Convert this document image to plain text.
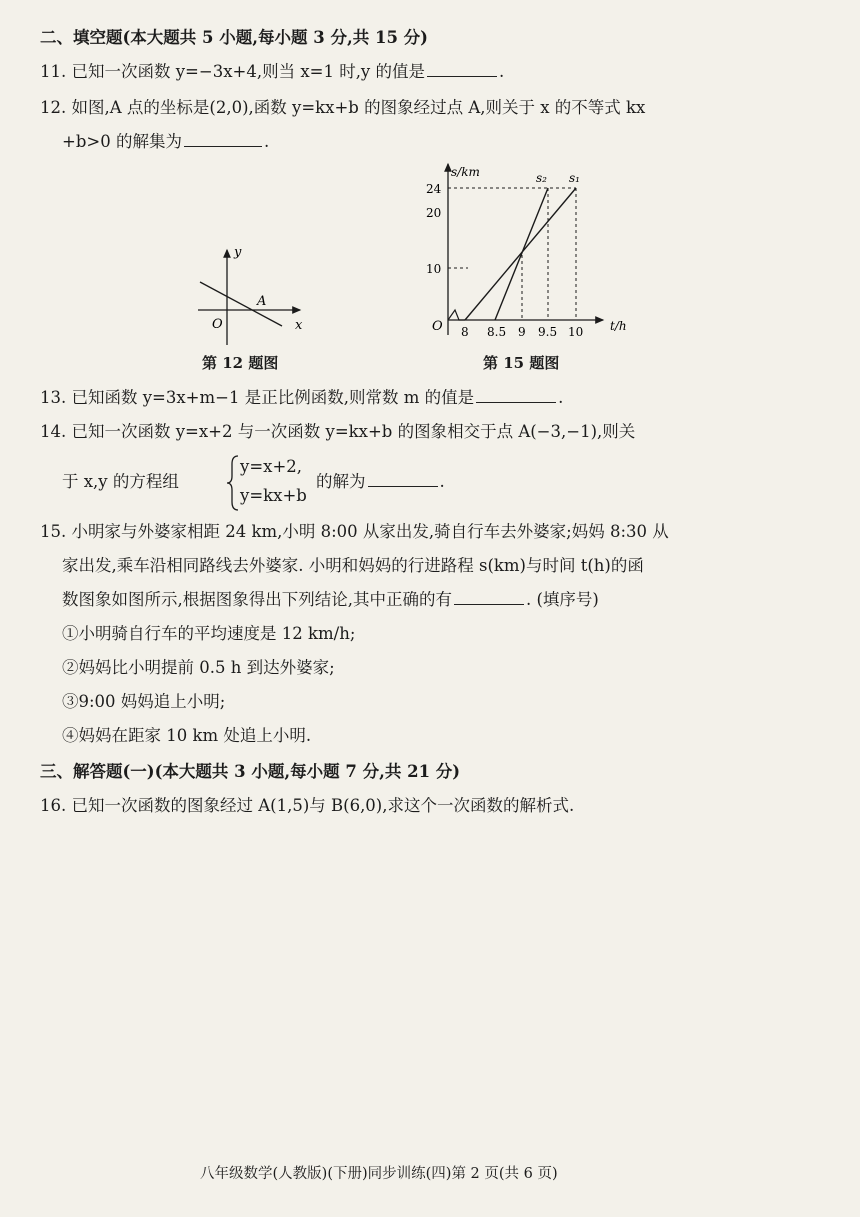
二、填空题(本大题共 5 小题,每小题 3 分,共 15 分)
11. 已知一次函数 y=−3x+4,则当 x=1 时,y 的值是	.
12. 如图,A 点的坐标是(2,0),函数 y=kx+b 的图象经过点 A,则关于 x 的不等式 kx
+b>0 的解集为	.
y
x
O
A
第 12 题图
s/km
t/h
O
s₂ s₁
24
20
10
8 8.5 9 9.5 10
第 15 题图
13. 已知函数 y=3x+m−1 是正比例函数,则常数 m 的值是	.
14. 已知一次函数 y=x+2 与一次函数 y=kx+b 的图象相交于点 A(−3,−1),则关
于 x,y 的方程组
y=x+2,
y=kx+b
的解为	.
15. 小明家与外婆家相距 24 km,小明 8:00 从家出发,骑自行车去外婆家;妈妈 8:30 从
家出发,乘车沿相同路线去外婆家. 小明和妈妈的行进路程 s(km)与时间 t(h)的函
数图象如图所示,根据图象得出下列结论,其中正确的有	. (填序号)
①小明骑自行车的平均速度是 12 km/h;
②妈妈比小明提前 0.5 h 到达外婆家;
③9:00 妈妈追上小明;
④妈妈在距家 10 km 处追上小明.
三、解答题(一)(本大题共 3 小题,每小题 7 分,共 21 分)
16. 已知一次函数的图象经过 A(1,5)与 B(6,0),求这个一次函数的解析式.
八年级数学(人教版)(下册)同步训练(四)第 2 页(共 6 页)
